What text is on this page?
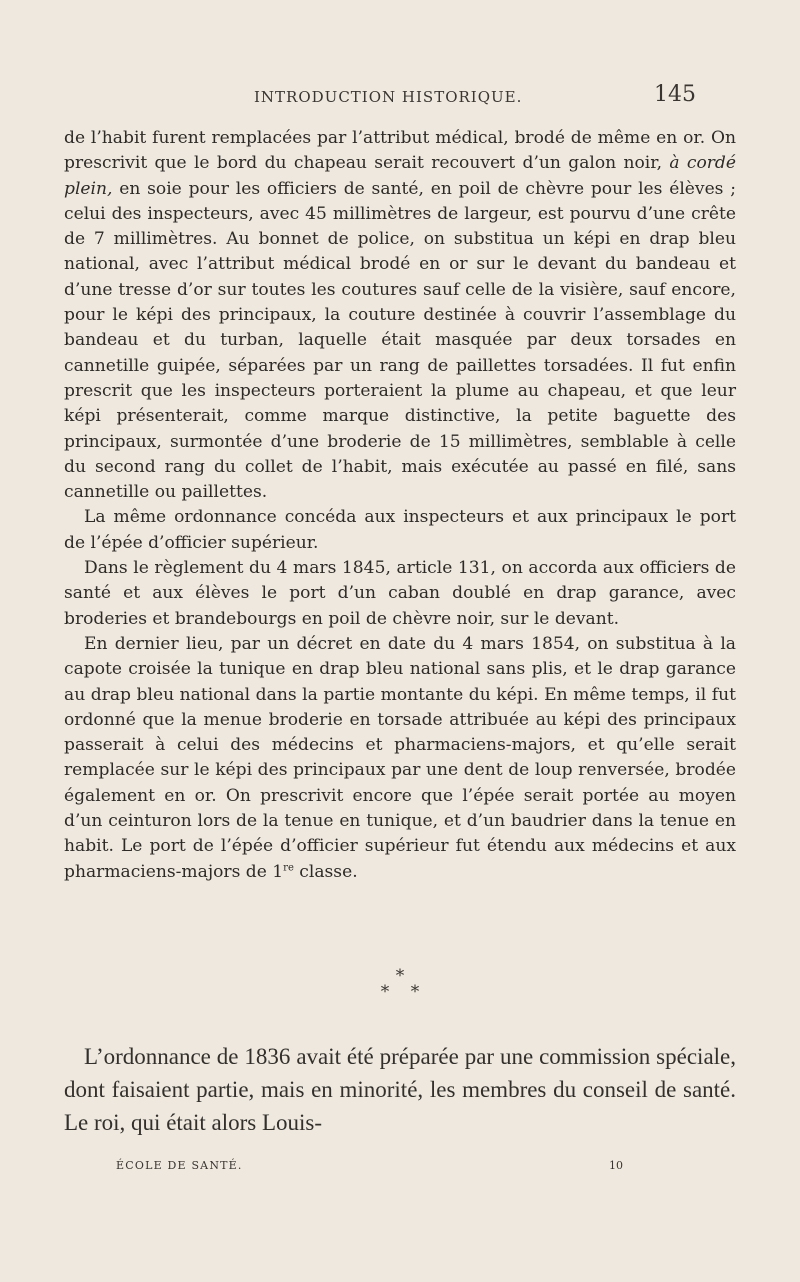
INTRODUCTION HISTORIQUE.	145

de l’habit furent remplacées par l’attribut médical, brodé de même en or. On prescrivit que le bord du chapeau serait recouvert d’un galon noir, à cordé plein, en soie pour les officiers de santé, en poil de chèvre pour les élèves ; celui des inspecteurs, avec 45 millimètres de largeur, est pourvu d’une crête de 7 millimètres. Au bonnet de police, on substitua un képi en drap bleu national, avec l’attribut médical brodé en or sur le devant du bandeau et d’une tresse d’or sur toutes les coutures sauf celle de la visière, sauf encore, pour le képi des principaux, la couture destinée à couvrir l’assemblage du bandeau et du turban, laquelle était masquée par deux torsades en cannetille guipée, séparées par un rang de paillettes torsadées. Il fut enfin prescrit que les inspecteurs porteraient la plume au chapeau, et que leur képi présenterait, comme marque distinctive, la petite baguette des principaux, surmontée d’une broderie de 15 millimètres, semblable à celle du second rang du collet de l’habit, mais exécutée au passé en filé, sans cannetille ou paillettes.

La même ordonnance concéda aux inspecteurs et aux principaux le port de l’épée d’officier supérieur.

Dans le règlement du 4 mars 1845, article 131, on accorda aux officiers de santé et aux élèves le port d’un caban doublé en drap garance, avec broderies et brandebourgs en poil de chèvre noir, sur le devant.

En dernier lieu, par un décret en date du 4 mars 1854, on substitua à la capote croisée la tunique en drap bleu national sans plis, et le drap garance au drap bleu national dans la partie montante du képi. En même temps, il fut ordonné que la menue broderie en torsade attribuée au képi des principaux passerait à celui des médecins et pharmaciens-majors, et qu’elle serait remplacée sur le képi des principaux par une dent de loup renversée, brodée également en or. On prescrivit encore que l’épée serait portée au moyen d’un ceinturon lors de la tenue en tunique, et d’un baudrier dans la tenue en habit. Le port de l’épée d’officier supérieur fut étendu aux médecins et aux pharmaciens-majors de 1re classe.

*
* *

L’ordonnance de 1836 avait été préparée par une commission spéciale, dont faisaient partie, mais en minorité, les membres du conseil de santé. Le roi, qui était alors Louis-

ÉCOLE DE SANTÉ.	10
